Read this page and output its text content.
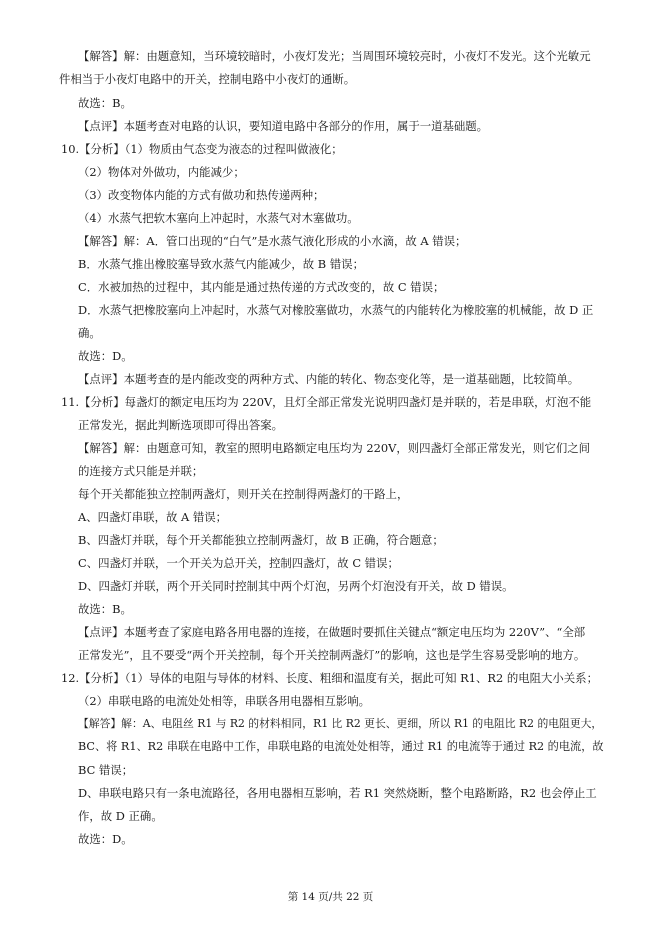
【解答】解：由题意知，当环境较暗时，小夜灯发光；当周围环境较亮时，小夜灯不发光。这个光敏元
件相当于小夜灯电路中的开关，控制电路中小夜灯的通断。
故选：B。
【点评】本题考查对电路的认识，要知道电路中各部分的作用，属于一道基础题。
10.【分析】（1）物质由气态变为液态的过程叫做液化；
（2）物体对外做功，内能减少；
（3）改变物体内能的方式有做功和热传递两种；
（4）水蒸气把软木塞向上冲起时，水蒸气对木塞做功。
【解答】解：A．管口出现的“白气”是水蒸气液化形成的小水滴，故 A 错误；
B．水蒸气推出橡胶塞导致水蒸气内能减少，故 B 错误；
C．水被加热的过程中，其内能是通过热传递的方式改变的，故 C 错误；
D．水蒸气把橡胶塞向上冲起时，水蒸气对橡胶塞做功，水蒸气的内能转化为橡胶塞的机械能，故 D 正
确。
故选：D。
【点评】本题考查的是内能改变的两种方式、内能的转化、物态变化等，是一道基础题，比较简单。
11.【分析】每盏灯的额定电压均为 220V，且灯全部正常发光说明四盏灯是并联的，若是串联，灯泡不能
正常发光，据此判断选项即可得出答案。
【解答】解：由题意可知，教室的照明电路额定电压均为 220V，则四盏灯全部正常发光，则它们之间
的连接方式只能是并联；
每个开关都能独立控制两盏灯，则开关在控制得两盏灯的干路上，
A、四盏灯串联，故 A 错误；
B、四盏灯并联，每个开关都能独立控制两盏灯，故 B 正确，符合题意；
C、四盏灯并联，一个开关为总开关，控制四盏灯，故 C 错误；
D、四盏灯并联，两个开关同时控制其中两个灯泡，另两个灯泡没有开关，故 D 错误。
故选：B。
【点评】本题考查了家庭电路各用电器的连接，在做题时要抓住关键点“额定电压均为 220V”、“全部
正常发光”，且不要受“两个开关控制，每个开关控制两盏灯”的影响，这也是学生容易受影响的地方。
12.【分析】（1）导体的电阻与导体的材料、长度、粗细和温度有关，据此可知 R1、R2 的电阻大小关系；
（2）串联电路的电流处处相等，串联各用电器相互影响。
【解答】解：A、电阻丝 R1 与 R2 的材料相同，R1 比 R2 更长、更细，所以 R1 的电阻比 R2 的电阻更大，
BC、将 R1、R2 串联在电路中工作，串联电路的电流处处相等，通过 R1 的电流等于通过 R2 的电流，故
BC 错误；
D、串联电路只有一条电流路径，各用电器相互影响，若 R1 突然烧断，整个电路断路，R2 也会停止工
作，故 D 正确。
故选：D。
第 14 页/共 22 页
